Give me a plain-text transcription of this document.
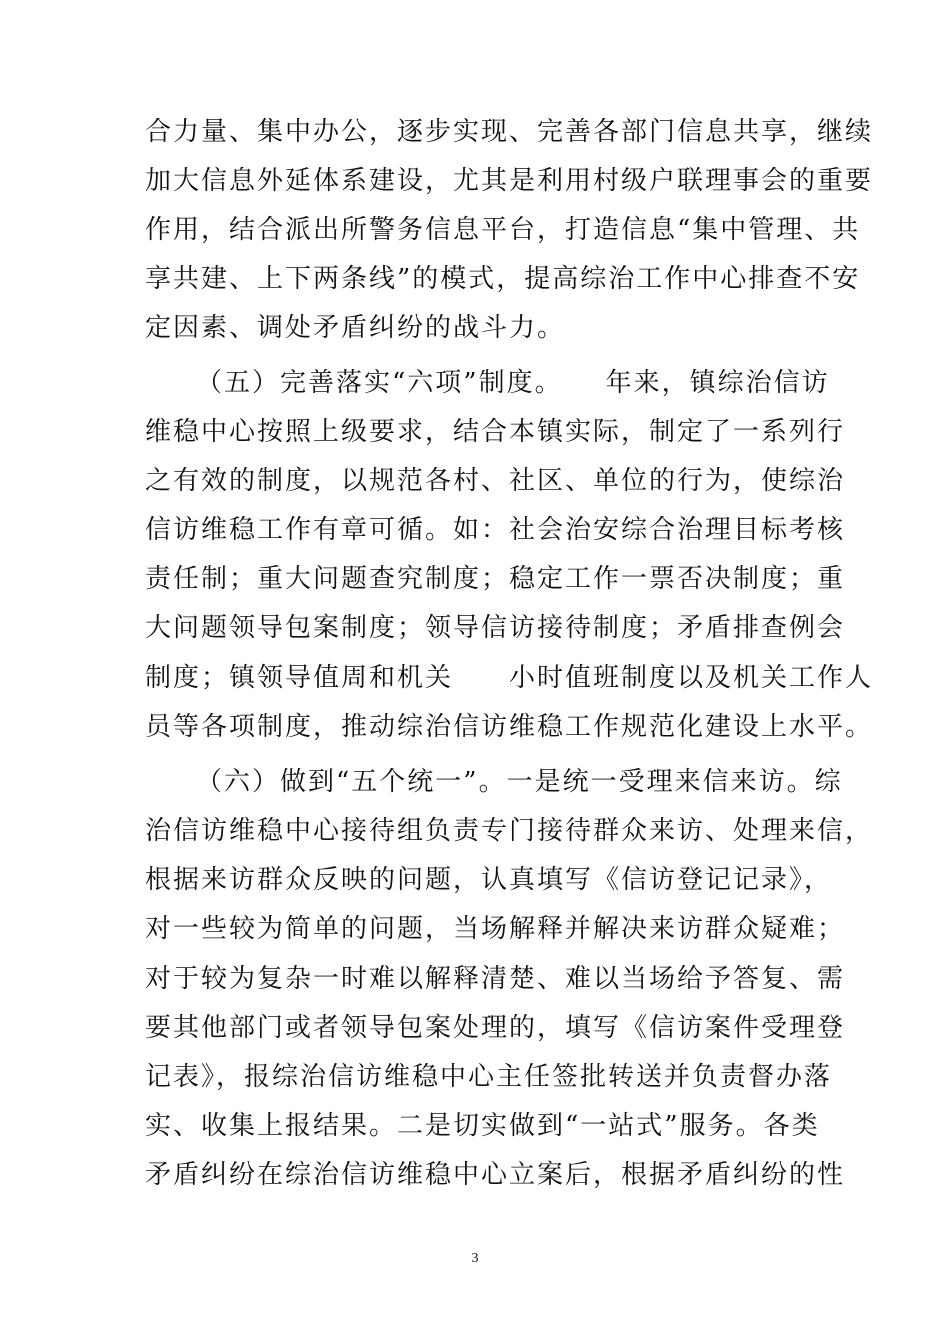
合力量、集中办公，逐步实现、完善各部门信息共享，继续
加大信息外延体系建设，尤其是利用村级户联理事会的重要
作用，结合派出所警务信息平台，打造信息“集中管理、共
享共建、上下两条线”的模式，提高综治工作中心排查不安
定因素、调处矛盾纠纷的战斗力。
（五）完善落实“六项”制度。　　年来，镇综治信访
维稳中心按照上级要求，结合本镇实际，制定了一系列行
之有效的制度，以规范各村、社区、单位的行为，使综治
信访维稳工作有章可循。如：社会治安综合治理目标考核
责任制；重大问题查究制度；稳定工作一票否决制度；重
大问题领导包案制度；领导信访接待制度；矛盾排查例会
制度；镇领导值周和机关　　小时值班制度以及机关工作人
员等各项制度，推动综治信访维稳工作规范化建设上水平。
（六）做到“五个统一”。一是统一受理来信来访。综
治信访维稳中心接待组负责专门接待群众来访、处理来信，
根据来访群众反映的问题，认真填写《信访登记记录》，
对一些较为简单的问题，当场解释并解决来访群众疑难；
对于较为复杂一时难以解释清楚、难以当场给予答复、需
要其他部门或者领导包案处理的，填写《信访案件受理登
记表》，报综治信访维稳中心主任签批转送并负责督办落
实、收集上报结果。二是切实做到“一站式”服务。各类
矛盾纠纷在综治信访维稳中心立案后，根据矛盾纠纷的性
3
